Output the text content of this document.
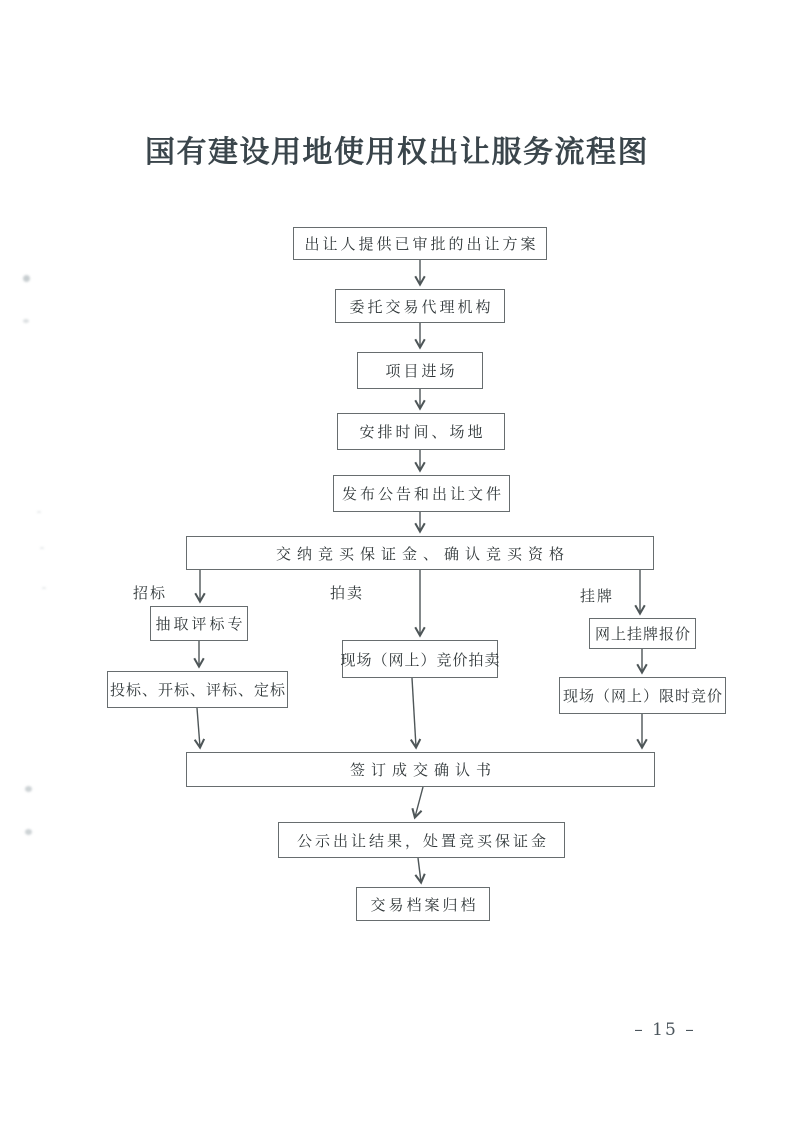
国有建设用地使用权出让服务流程图
出让人提供已审批的出让方案
委托交易代理机构
项目进场
安排时间、场地
发布公告和出让文件
交纳竞买保证金、确认竞买资格
抽取评标专
投标、开标、评标、定标
现场（网上）竞价拍卖
网上挂牌报价
现场（网上）限时竞价
签订成交确认书
公示出让结果，处置竞买保证金
交易档案归档
招标	拍卖	挂牌
– 15 –
